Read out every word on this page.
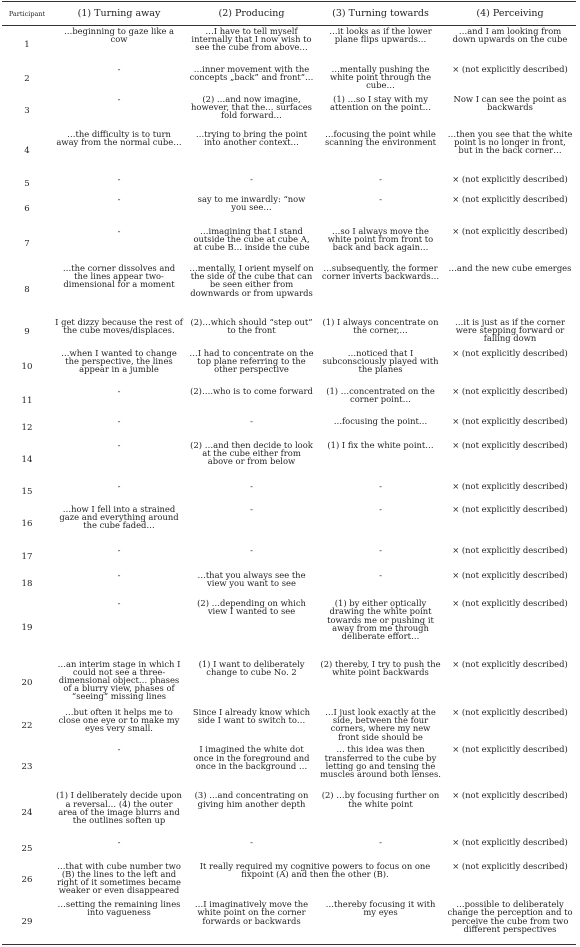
Participant	(1) Turning away	(2) Producing	(3) Turning towards	(4) Perceiving
1	…beginning to gaze like a cow	…I have to tell myself internally that I now wish to see the cube from above…	…it looks as if the lower plane flips upwards…	…and I am looking from down upwards on the cube
2	-	…inner movement with the concepts „back” and front”…	…mentally pushing the white point through the cube…	× (not explicitly described)
3	-	(2) …and now imagine, however, that the… surfaces fold forward…	(1) …so I stay with my attention on the point…	Now I can see the point as backwards
4	…the difficulty is to turn away from the normal cube…	…trying to bring the point into another context…	…focusing the point while scanning the environment	…then you see that the white point is no longer in front, but in the back corner…
5	-	-	-	× (not explicitly described)
6	-	say to me inwardly: “now you see…	-	× (not explicitly described)
7	-	…imagining that I stand outside the cube at cube A, at cube B… inside the cube	…so I always move the white point from front to back and back again…	× (not explicitly described)
8	…the corner dissolves and the lines appear two-dimensional for a moment	…mentally, I orient myself on the side of the cube that can be seen either from downwards or from upwards	…subsequently, the former corner inverts backwards…	…and the new cube emerges
9	I get dizzy because the rest of the cube moves/displaces.	(2)…which should “step out” to the front	(1) I always concentrate on the corner,…	…it is just as if the corner were stepping forward or falling down
10	…when I wanted to change the perspective, the lines appear in a jumble	…I had to concentrate on the top plane referring to the other perspective	…noticed that I subconsciously played with the planes	× (not explicitly described)
11	-	(2)….who is to come forward	(1) …concentrated on the corner point…	× (not explicitly described)
12	-	-	…focusing the point…	× (not explicitly described)
14	-	(2) …and then decide to look at the cube either from above or from below	(1) I fix the white point…	× (not explicitly described)
15	-	-	-	× (not explicitly described)
16	…how I fell into a strained gaze and everything around the cube faded…	-	-	× (not explicitly described)
17	-	-	-	× (not explicitly described)
18	-	…that you always see the view you want to see	-	× (not explicitly described)
19	-	(2) …depending on which view I wanted to see	(1) by either optically drawing the white point towards me or pushing it away from me through deliberate effort…	× (not explicitly described)
20	…an interim stage in which I could not see a three-dimensional object… phases of a blurry view, phases of “seeing” missing lines	(1) I want to deliberately change to cube No. 2	(2) thereby, I try to push the white point backwards	× (not explicitly described)
22	…but often it helps me to close one eye or to make my eyes very small.	Since I already know which side I want to switch to…	…I just look exactly at the side, between the four corners, where my new front side should be	× (not explicitly described)
23	-	I imagined the white dot once in the foreground and once in the background …	… this idea was then transferred to the cube by letting go and tensing the muscles around both lenses.	× (not explicitly described)
24	(1) I deliberately decide upon a reversal… (4) the outer area of the image blurrs and the outlines soften up	(3) …and concentrating on giving him another depth	(2) …by focusing further on the white point	× (not explicitly described)
25	-	-	-	× (not explicitly described)
26	…that with cube number two (B) the lines to the left and right of it sometimes became weaker or even disappeared	It really required my cognitive powers to focus on one fixpoint (A) and then the other (B).		× (not explicitly described)
29	…setting the remaining lines into vagueness	…I imaginatively move the white point on the corner forwards or backwards	…thereby focusing it with my eyes	…possible to deliberately change the perception and to perceive the cube from two different perspectives
